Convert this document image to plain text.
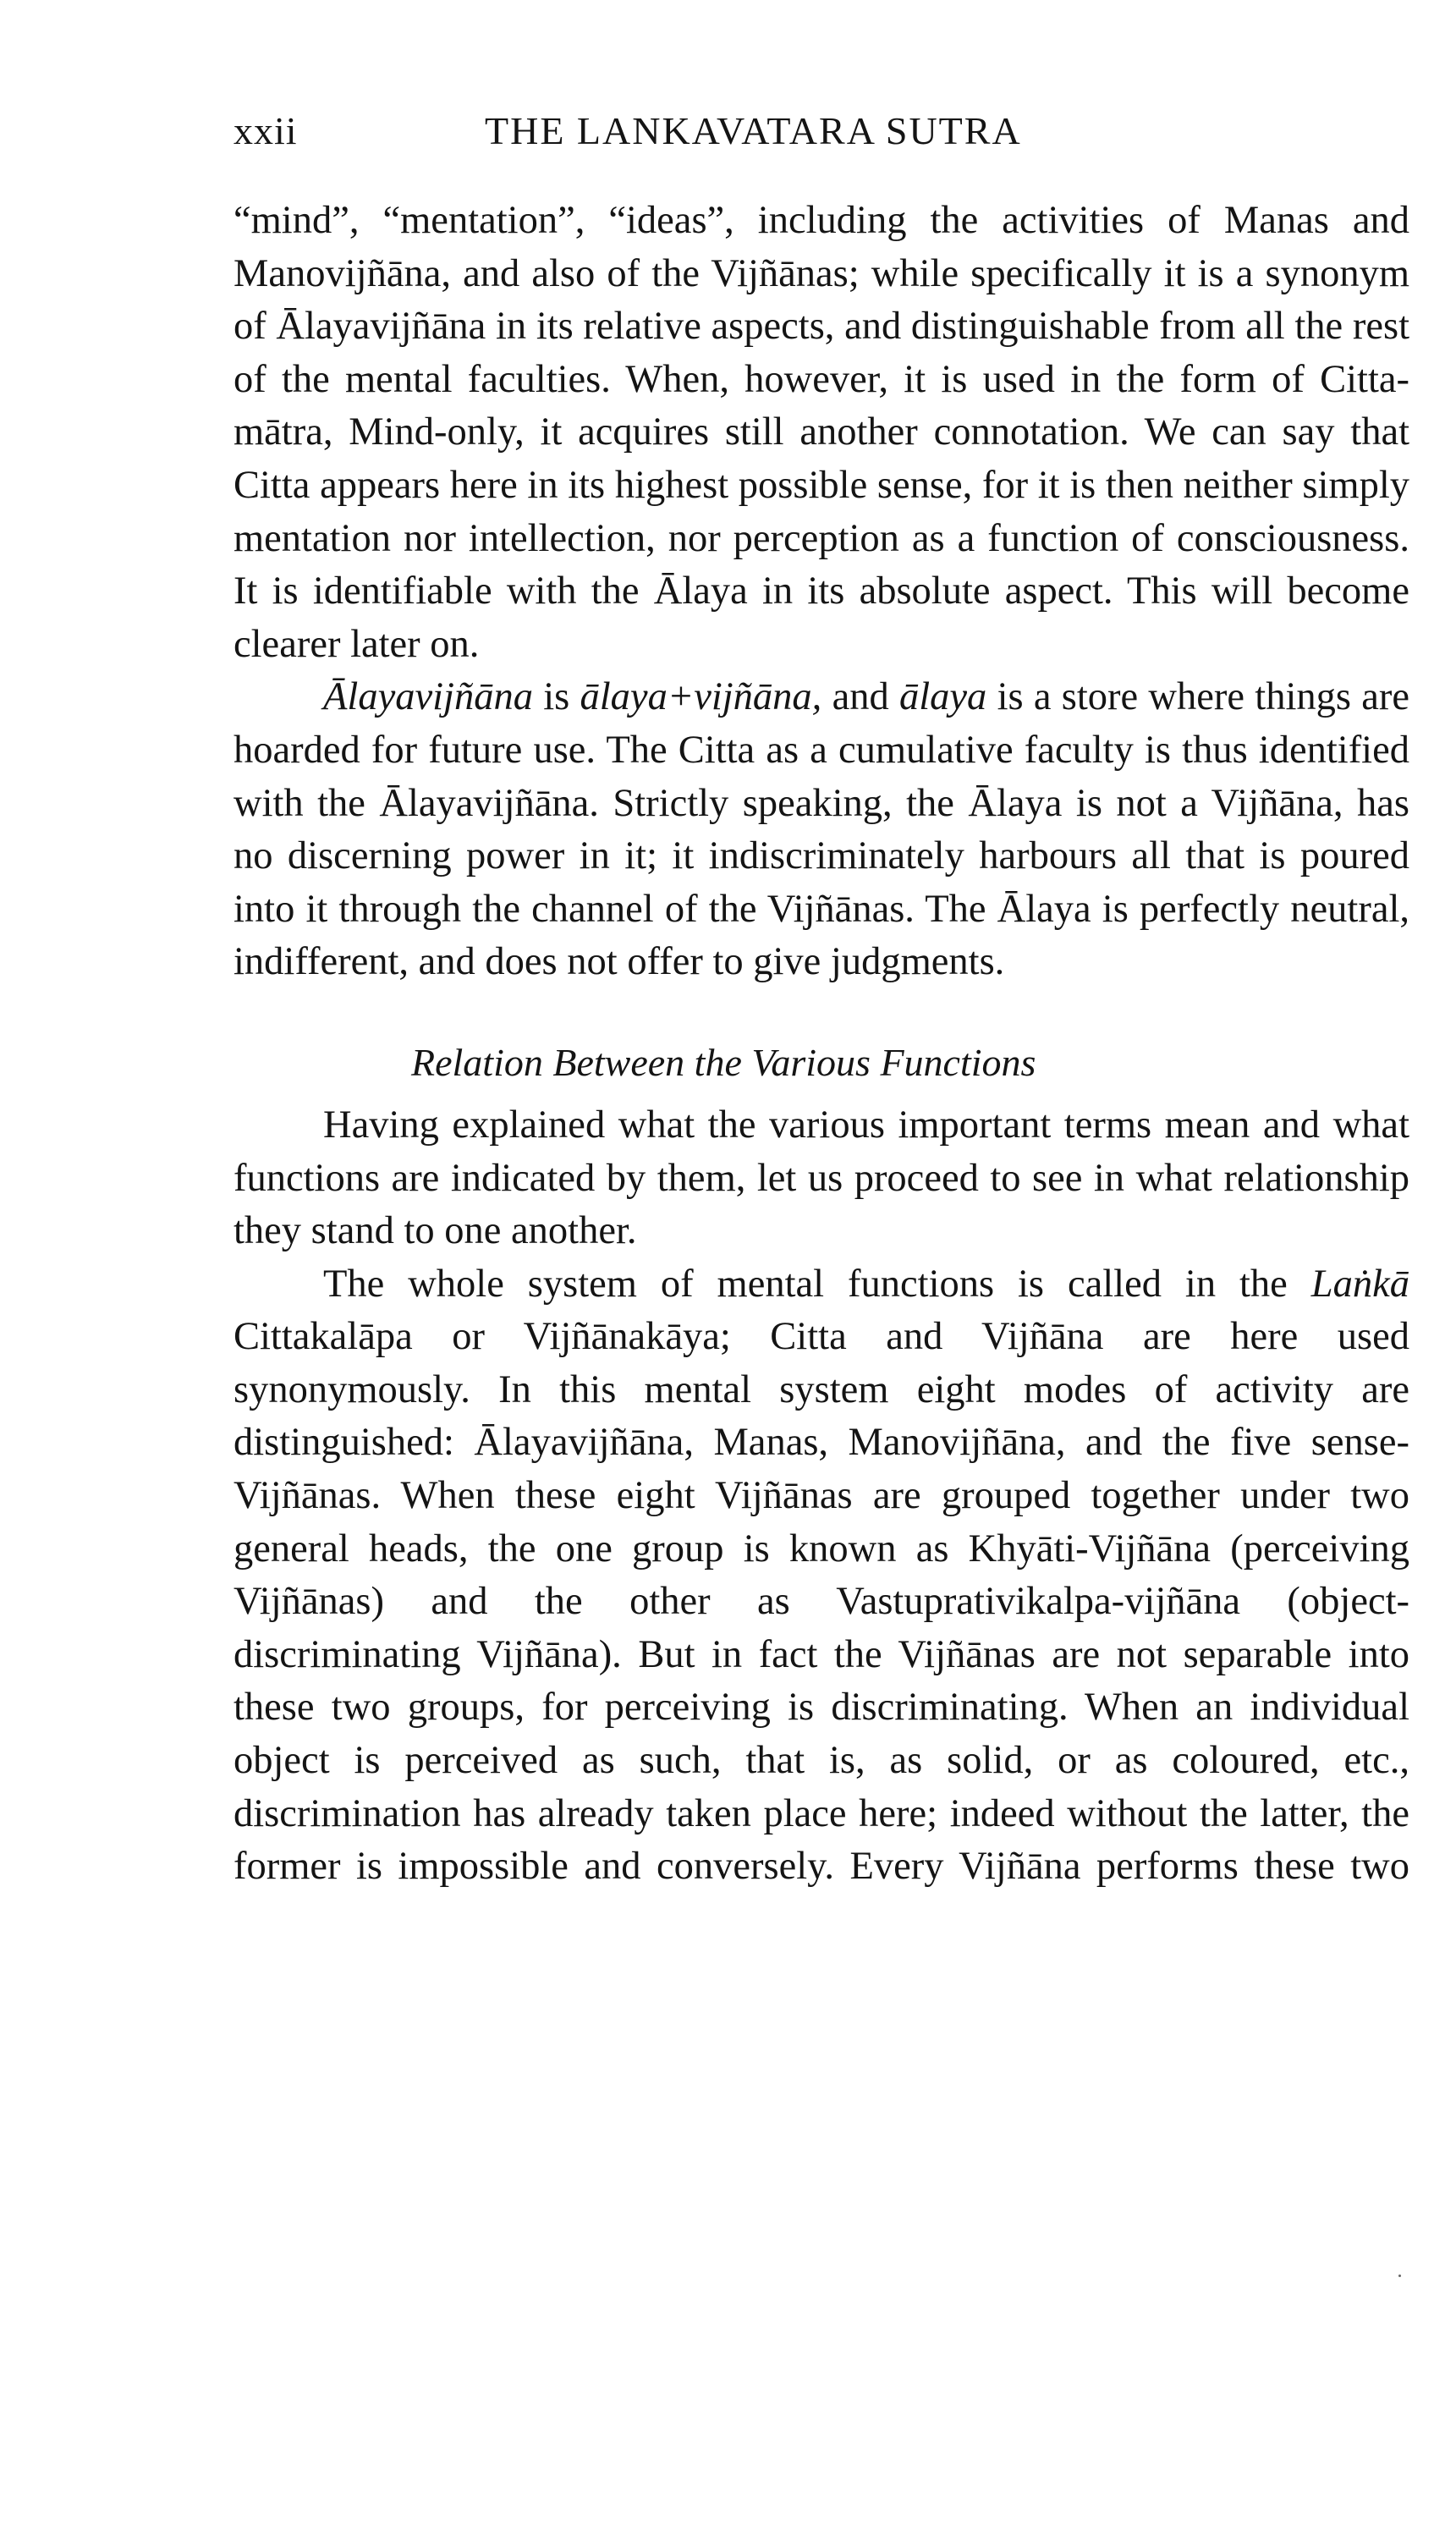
xxii	THE LANKAVATARA SUTRA

“mind”, “mentation”, “ideas”, including the activities of Manas and Manovijñāna, and also of the Vijñānas; while specifically it is a synonym of Ālayavijñāna in its relative aspects, and distinguishable from all the rest of the mental faculties. When, however, it is used in the form of Citta-mātra, Mind-only, it acquires still another connotation. We can say that Citta appears here in its highest possible sense, for it is then neither simply mentation nor intellection, nor perception as a function of consciousness. It is identifiable with the Ālaya in its absolute aspect. This will become clearer later on.

Ālayavijñāna is ālaya+vijñāna, and ālaya is a store where things are hoarded for future use. The Citta as a cumulative faculty is thus identified with the Ālayavijñāna. Strictly speaking, the Ālaya is not a Vijñāna, has no discerning power in it; it indiscriminately harbours all that is poured into it through the channel of the Vijñānas. The Ālaya is perfectly neutral, indifferent, and does not offer to give judgments.

Relation Between the Various Functions

Having explained what the various important terms mean and what functions are indicated by them, let us proceed to see in what relationship they stand to one another.

The whole system of mental functions is called in the Laṅkā Cittakalāpa or Vijñānakāya; Citta and Vijñāna are here used synonymously. In this mental system eight modes of activity are distinguished: Ālayavijñāna, Manas, Manovijñāna, and the five sense-Vijñānas. When these eight Vijñānas are grouped together under two general heads, the one group is known as Khyāti-Vijñāna (perceiving Vijñānas) and the other as Vastuprativikalpa-vijñāna (object-discriminating Vijñāna). But in fact the Vijñānas are not separable into these two groups, for perceiving is discriminating. When an individual object is perceived as such, that is, as solid, or as coloured, etc., discrimination has already taken place here; indeed without the latter, the former is impossible and conversely. Every Vijñāna performs these two
